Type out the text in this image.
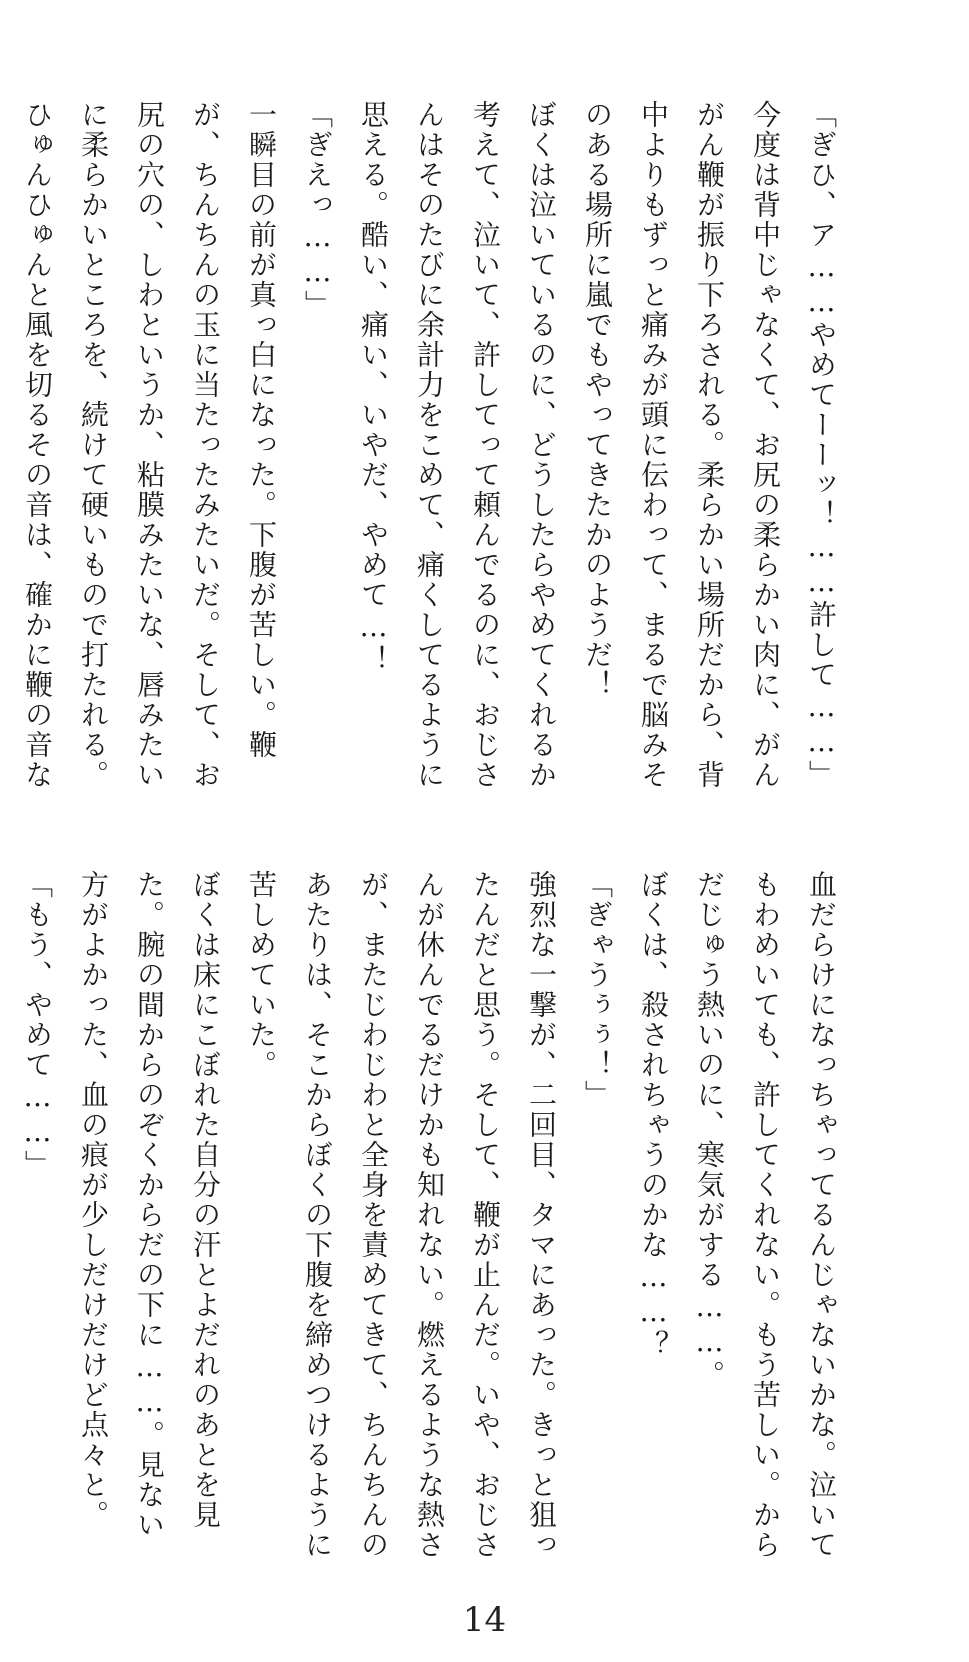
「ぎひ、ア……やめてーーッ！……許して……」

今度は背中じゃなくて、お尻の柔らかい肉に、がんがん鞭が振り下ろされる。柔らかい場所だから、背中よりもずっと痛みが頭に伝わって、まるで脳みそのある場所に嵐でもやってきたかのようだ！

ぼくは泣いているのに、どうしたらやめてくれるか考えて、泣いて、許してって頼んでるのに、おじさんはそのたびに余計力をこめて、痛くしてるように思える。酷い、痛い、いやだ、やめて…！

「ぎえっ……」

一瞬目の前が真っ白になった。下腹が苦しい。鞭が、ちんちんの玉に当たったみたいだ。そして、お尻の穴の、しわというか、粘膜みたいな、唇みたいに柔らかいところを、続けて硬いもので打たれる。ひゅんひゅんと風を切るその音は、確かに鞭の音な

血だらけになっちゃってるんじゃないかな。泣いてもわめいても、許してくれない。もう苦しい。からだじゅう熱いのに、寒気がする……。

ぼくは、殺されちゃうのかな……？

「ぎゃうぅぅ！」

強烈な一撃が、二回目、タマにあった。きっと狙ったんだと思う。そして、鞭が止んだ。いや、おじさんが休んでるだけかも知れない。燃えるような熱さが、またじわじわと全身を責めてきて、ちんちんのあたりは、そこからぼくの下腹を締めつけるように苦しめていた。

ぼくは床にこぼれた自分の汗とよだれのあとを見た。腕の間からのぞくからだの下に……。見ない方がよかった、血の痕が少しだけだけど点々と。

「もう、やめて……」

14
